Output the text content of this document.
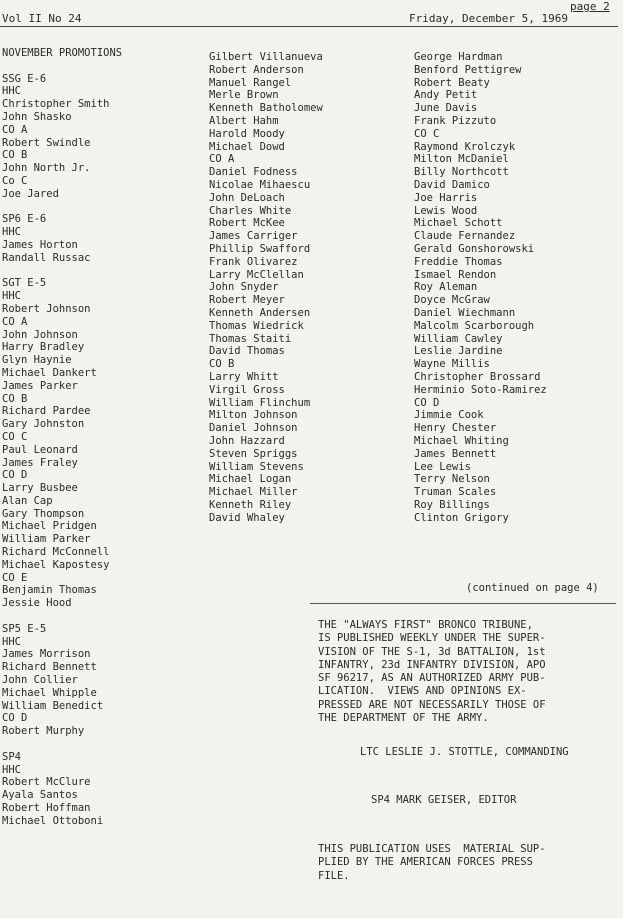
page 2
Vol II No 24	Friday, December 5, 1969
NOVEMBER PROMOTIONS
SSG E-6
HHC
Christopher Smith
John Shasko
CO A
Robert Swindle
CO B
John North Jr.
Co C
Joe Jared
SP6 E-6
HHC
James Horton
Randall Russac
SGT E-5
HHC
Robert Johnson
CO A
John Johnson
Harry Bradley
Glyn Haynie
Michael Dankert
James Parker
CO B
Richard Pardee
Gary Johnston
CO C
Paul Leonard
James Fraley
CO D
Larry Busbee
Alan Cap
Gary Thompson
Michael Pridgen
William Parker
Richard McConnell
Michael Kapostesy
CO E
Benjamin Thomas
Jessie Hood
SP5 E-5
HHC
James Morrison
Richard Bennett
John Collier
Michael Whipple
William Benedict
CO D
Robert Murphy
SP4
HHC
Robert McClure
Ayala Santos
Robert Hoffman
Michael Ottoboni
Gilbert Villanueva
Robert Anderson
Manuel Rangel
Merle Brown
Kenneth Batholomew
Albert Hahm
Harold Moody
Michael Dowd
CO A
Daniel Fodness
Nicolae Mihaescu
John DeLoach
Charles White
Robert McKee
James Carriger
Phillip Swafford
Frank Olivarez
Larry McClellan
John Snyder
Robert Meyer
Kenneth Andersen
Thomas Wiedrick
Thomas Staiti
David Thomas
CO B
Larry Whitt
Virgil Gross
William Flinchum
Milton Johnson
Daniel Johnson
John Hazzard
Steven Spriggs
William Stevens
Michael Logan
Michael Miller
Kenneth Riley
David Whaley
George Hardman
Benford Pettigrew
Robert Beaty
Andy Petit
June Davis
Frank Pizzuto
CO C
Raymond Krolczyk
Milton McDaniel
Billy Northcott
David Damico
Joe Harris
Lewis Wood
Michael Schott
Claude Fernandez
Gerald Gonshorowski
Freddie Thomas
Ismael Rendon
Roy Aleman
Doyce McGraw
Daniel Wiechmann
Malcolm Scarborough
William Cawley
Leslie Jardine
Wayne Millis
Christopher Brossard
Herminio Soto-Ramirez
CO D
Jimmie Cook
Henry Chester
Michael Whiting
James Bennett
Lee Lewis
Terry Nelson
Truman Scales
Roy Billings
Clinton Grigory
(continued on page 4)
THE "ALWAYS FIRST" BRONCO TRIBUNE,
IS PUBLISHED WEEKLY UNDER THE SUPER-
VISION OF THE S-1, 3d BATTALION, 1st
INFANTRY, 23d INFANTRY DIVISION, APO
SF 96217, AS AN AUTHORIZED ARMY PUB-
LICATION.  VIEWS AND OPINIONS EX-
PRESSED ARE NOT NECESSARILY THOSE OF
THE DEPARTMENT OF THE ARMY.
LTC LESLIE J. STOTTLE, COMMANDING
SP4 MARK GEISER, EDITOR
THIS PUBLICATION USES  MATERIAL SUP-
PLIED BY THE AMERICAN FORCES PRESS
FILE.
